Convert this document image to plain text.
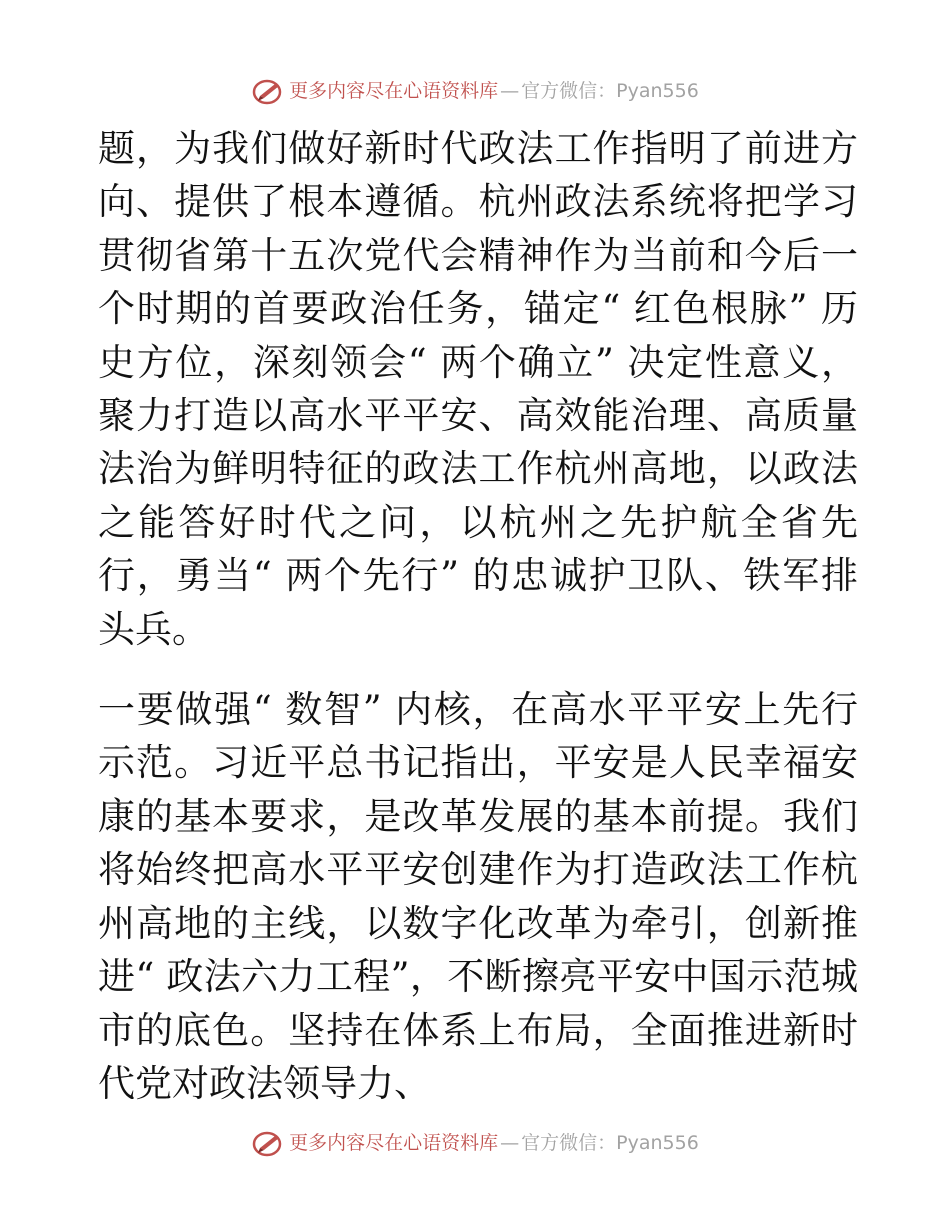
更多内容尽在心语资料库 — 官方微信：Pyan556

题，为我们做好新时代政法工作指明了前进方向、提供了根本遵循。杭州政法系统将把学习贯彻省第十五次党代会精神作为当前和今后一个时期的首要政治任务，锚定“ 红色根脉” 历史方位，深刻领会“ 两个确立” 决定性意义，聚力打造以高水平平安、高效能治理、高质量法治为鲜明特征的政法工作杭州高地，以政法之能答好时代之问，以杭州之先护航全省先行，勇当“ 两个先行” 的忠诚护卫队、铁军排头兵。

一要做强“ 数智” 内核，在高水平平安上先行示范。习近平总书记指出，平安是人民幸福安康的基本要求，是改革发展的基本前提。我们将始终把高水平平安创建作为打造政法工作杭州高地的主线，以数字化改革为牵引，创新推进“ 政法六力工程”，不断擦亮平安中国示范城市的底色。坚持在体系上布局，全面推进新时代党对政法领导力、

更多内容尽在心语资料库 — 官方微信：Pyan556
